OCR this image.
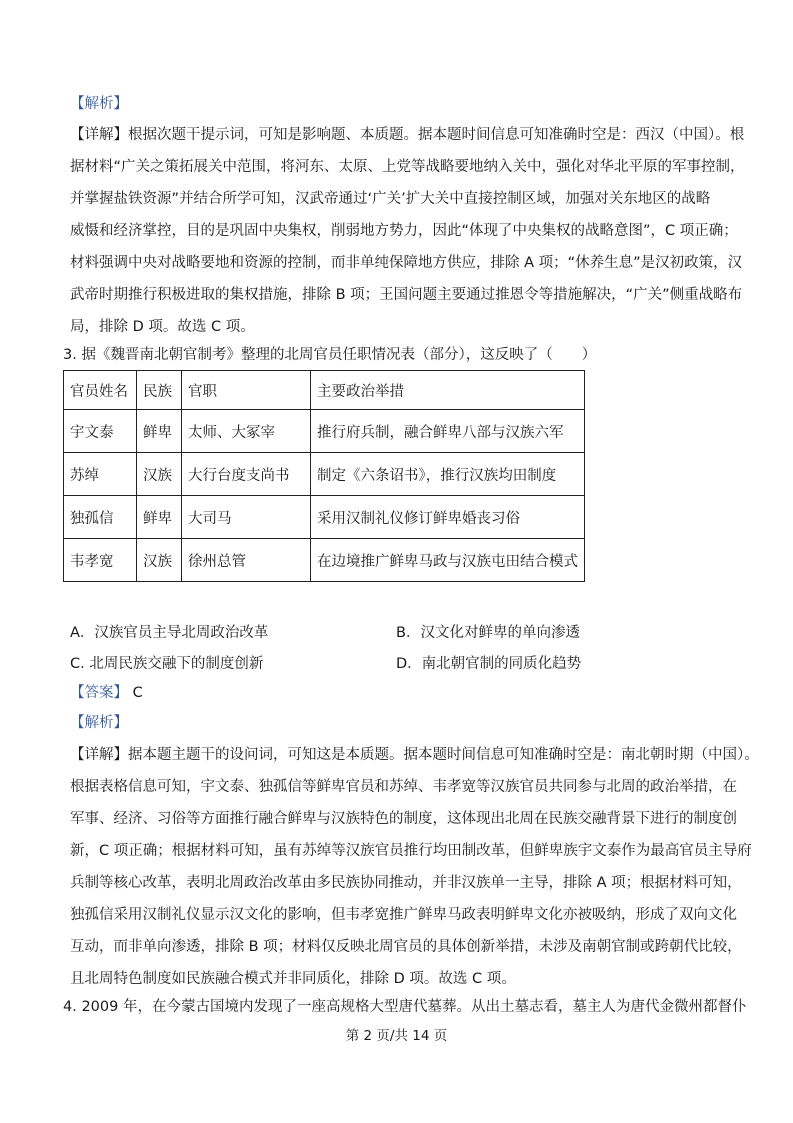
【解析】
【详解】根据次题干提示词，可知是影响题、本质题。据本题时间信息可知准确时空是：西汉（中国）。根
据材料“广关之策拓展关中范围，将河东、太原、上党等战略要地纳入关中，强化对华北平原的军事控制，
并掌握盐铁资源”并结合所学可知，汉武帝通过‘广关’扩大关中直接控制区域，加强对关东地区的战略
威慑和经济掌控，目的是巩固中央集权，削弱地方势力，因此“体现了中央集权的战略意图”，C 项正确；
材料强调中央对战略要地和资源的控制，而非单纯保障地方供应，排除 A 项；“休养生息”是汉初政策，汉
武帝时期推行积极进取的集权措施，排除 B 项；王国问题主要通过推恩令等措施解决，“广关”侧重战略布
局，排除 D 项。故选 C 项。
3. 据《魏晋南北朝官制考》整理的北周官员任职情况表（部分），这反映了（　　）
官员姓名	民族	官职	主要政治举措
宇文泰	鲜卑	太师、大冢宰	推行府兵制，融合鲜卑八部与汉族六军
苏绰	汉族	大行台度支尚书	制定《六条诏书》，推行汉族均田制度
独孤信	鲜卑	大司马	采用汉制礼仪修订鲜卑婚丧习俗
韦孝宽	汉族	徐州总管	在边境推广鲜卑马政与汉族屯田结合模式
A．汉族官员主导北周政治改革	B．汉文化对鲜卑的单向渗透
C. 北周民族交融下的制度创新	D．南北朝官制的同质化趋势
【答案】 C
【解析】
【详解】据本题主题干的设问词，可知这是本质题。据本题时间信息可知准确时空是：南北朝时期（中国）。
根据表格信息可知，宇文泰、独孤信等鲜卑官员和苏绰、韦孝宽等汉族官员共同参与北周的政治举措，在
军事、经济、习俗等方面推行融合鲜卑与汉族特色的制度，这体现出北周在民族交融背景下进行的制度创
新，C 项正确；根据材料可知，虽有苏绰等汉族官员推行均田制改革，但鲜卑族宇文泰作为最高官员主导府
兵制等核心改革，表明北周政治改革由多民族协同推动，并非汉族单一主导，排除 A 项；根据材料可知，
独孤信采用汉制礼仪显示汉文化的影响，但韦孝宽推广鲜卑马政表明鲜卑文化亦被吸纳，形成了双向文化
互动，而非单向渗透，排除 B 项；材料仅反映北周官员的具体创新举措，未涉及南朝官制或跨朝代比较，
且北周特色制度如民族融合模式并非同质化，排除 D 项。故选 C 项。
4. 2009 年，在今蒙古国境内发现了一座高规格大型唐代墓葬。从出土墓志看，墓主人为唐代金微州都督仆
第 2 页/共 14 页
